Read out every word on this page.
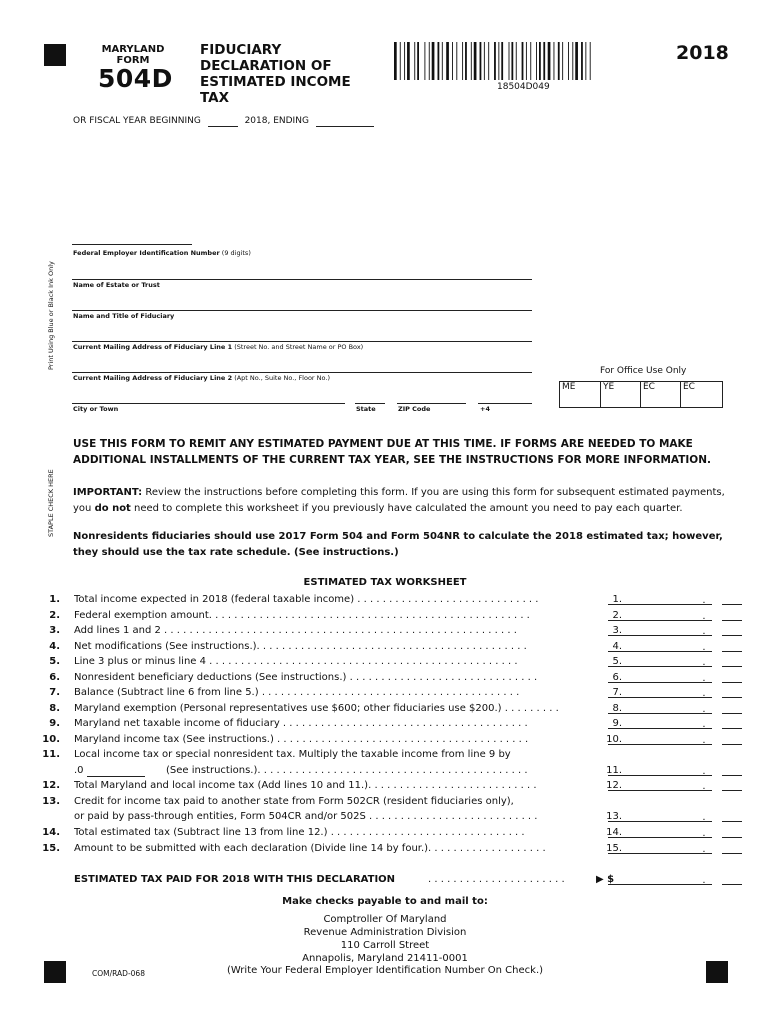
MARYLAND
FORM
504D
FIDUCIARY
DECLARATION OF
ESTIMATED INCOME
TAX
18504D049
2018
OR FISCAL YEAR BEGINNING	2018, ENDING
Print Using Blue or Black Ink Only
STAPLE CHECK HERE
Federal Employer Identification Number (9 digits)
Name of Estate or Trust
Name and Title of Fiduciary
Current Mailing Address of Fiduciary Line 1 (Street No. and Street Name or PO Box)
Current Mailing Address of Fiduciary Line 2 (Apt No., Suite No., Floor No.)
City or Town	State	ZIP Code	+4
For Office Use Only
ME	YE	EC	EC
USE THIS FORM TO REMIT ANY ESTIMATED PAYMENT DUE AT THIS TIME. IF FORMS ARE NEEDED TO MAKE ADDITIONAL INSTALLMENTS OF THE CURRENT TAX YEAR, SEE THE INSTRUCTIONS FOR MORE INFORMATION.
IMPORTANT: Review the instructions before completing this form. If you are using this form for subsequent estimated payments,
you do not need to complete this worksheet if you previously have calculated the amount you need to pay each quarter.
Nonresidents fiduciaries should use 2017 Form 504 and Form 504NR to calculate the 2018 estimated tax; however,
they should use the tax rate schedule. (See instructions.)
ESTIMATED TAX WORKSHEET
1. Total income expected in 2018 (federal taxable income) . . . . . . . . . . . . . . . . . . . . . . . . . . . . .	1.	.
2. Federal exemption amount. . . . . . . . . . . . . . . . . . . . . . . . . . . . . . . . . . . . . . . . . . . . . . . . . . .	2.	.
3. Add lines 1 and 2 . . . . . . . . . . . . . . . . . . . . . . . . . . . . . . . . . . . . . . . . . . . . . . . . . . . . . . . .	3.	.
4. Net modifications (See instructions.). . . . . . . . . . . . . . . . . . . . . . . . . . . . . . . . . . . . . . . . . . .	4.	.
5. Line 3 plus or minus line 4 . . . . . . . . . . . . . . . . . . . . . . . . . . . . . . . . . . . . . . . . . . . . . . . . .	5.	.
6. Nonresident beneficiary deductions (See instructions.) . . . . . . . . . . . . . . . . . . . . . . . . . . . . . .	6.	.
7. Balance (Subtract line 6 from line 5.) . . . . . . . . . . . . . . . . . . . . . . . . . . . . . . . . . . . . . . . . .	7.	.
8. Maryland exemption (Personal representatives use $600; other fiduciaries use $200.) . . . . . . . . .	8.	.
9. Maryland net taxable income of fiduciary . . . . . . . . . . . . . . . . . . . . . . . . . . . . . . . . . . . . . . .	9.	.
10. Maryland income tax (See instructions.) . . . . . . . . . . . . . . . . . . . . . . . . . . . . . . . . . . . . . . . .	10.	.
11. Local income tax or special nonresident tax. Multiply the taxable income from line 9 by
.0	(See instructions.). . . . . . . . . . . . . . . . . . . . . . . . . . . . . . . . . . . . . . . . . . .	11.	.
12. Total Maryland and local income tax (Add lines 10 and 11.). . . . . . . . . . . . . . . . . . . . . . . . . . .	12.	.
13. Credit for income tax paid to another state from Form 502CR (resident fiduciaries only),
or paid by pass-through entities, Form 504CR and/or 502S . . . . . . . . . . . . . . . . . . . . . . . . . . .	13.	.
14. Total estimated tax (Subtract line 13 from line 12.) . . . . . . . . . . . . . . . . . . . . . . . . . . . . . . .	14.	.
15. Amount to be submitted with each declaration (Divide line 14 by four.). . . . . . . . . . . . . . . . . . .	15.	.
ESTIMATED TAX PAID FOR 2018 WITH THIS DECLARATION	. . . . . . . . . . . . . . . . . . . . . .	▶ $	.
Make checks payable to and mail to:
Comptroller Of Maryland
Revenue Administration Division
110 Carroll Street
Annapolis, Maryland 21411-0001
(Write Your Federal Employer Identification Number On Check.)
COM/RAD-068
